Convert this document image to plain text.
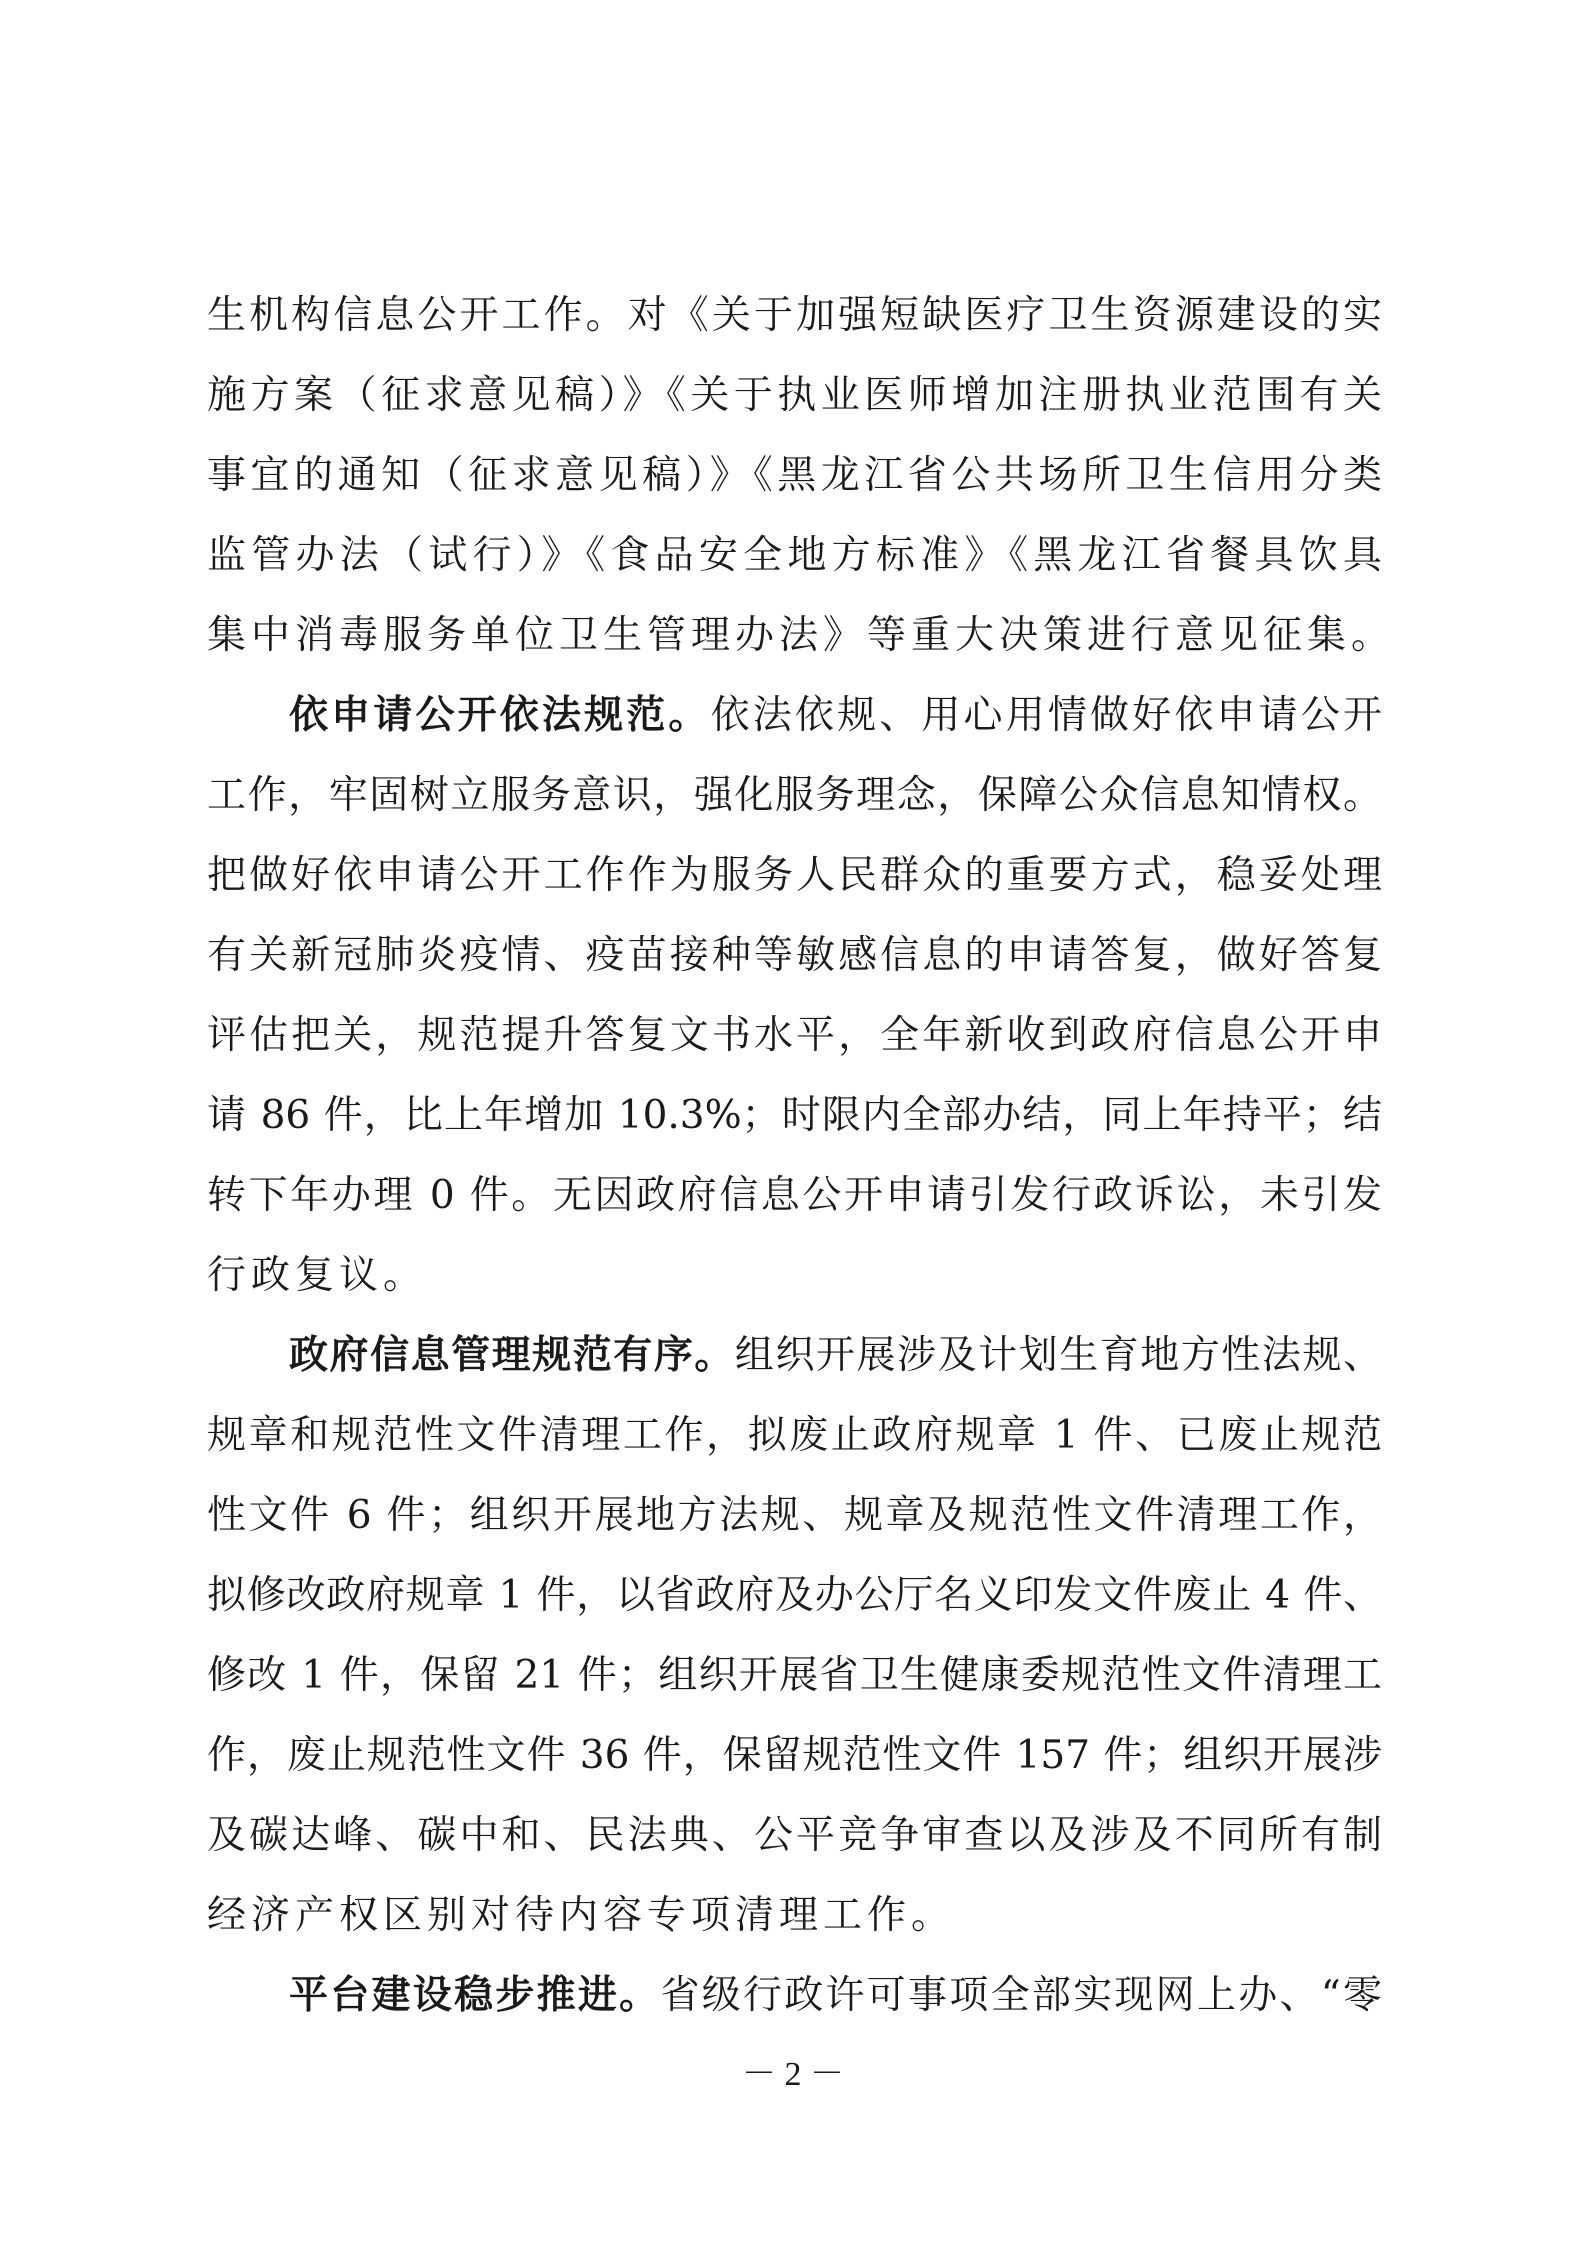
生机构信息公开工作。对《关于加强短缺医疗卫生资源建设的实
施方案（征求意见稿）》《关于执业医师增加注册执业范围有关
事宜的通知（征求意见稿）》《黑龙江省公共场所卫生信用分类
监管办法（试行）》《食品安全地方标准》《黑龙江省餐具饮具
集中消毒服务单位卫生管理办法》等重大决策进行意见征集。
依申请公开依法规范。依法依规、用心用情做好依申请公开
工作，牢固树立服务意识，强化服务理念，保障公众信息知情权。
把做好依申请公开工作作为服务人民群众的重要方式，稳妥处理
有关新冠肺炎疫情、疫苗接种等敏感信息的申请答复，做好答复
评估把关，规范提升答复文书水平，全年新收到政府信息公开申
请 86 件，比上年增加 10.3%；时限内全部办结，同上年持平；结
转下年办理 0 件。无因政府信息公开申请引发行政诉讼，未引发
行政复议。
政府信息管理规范有序。组织开展涉及计划生育地方性法规、
规章和规范性文件清理工作，拟废止政府规章 1 件、已废止规范
性文件 6 件；组织开展地方法规、规章及规范性文件清理工作，
拟修改政府规章 1 件，以省政府及办公厅名义印发文件废止 4 件、
修改 1 件，保留 21 件；组织开展省卫生健康委规范性文件清理工
作，废止规范性文件 36 件，保留规范性文件 157 件；组织开展涉
及碳达峰、碳中和、民法典、公平竞争审查以及涉及不同所有制
经济产权区别对待内容专项清理工作。
平台建设稳步推进。省级行政许可事项全部实现网上办、“零
－ 2 －
